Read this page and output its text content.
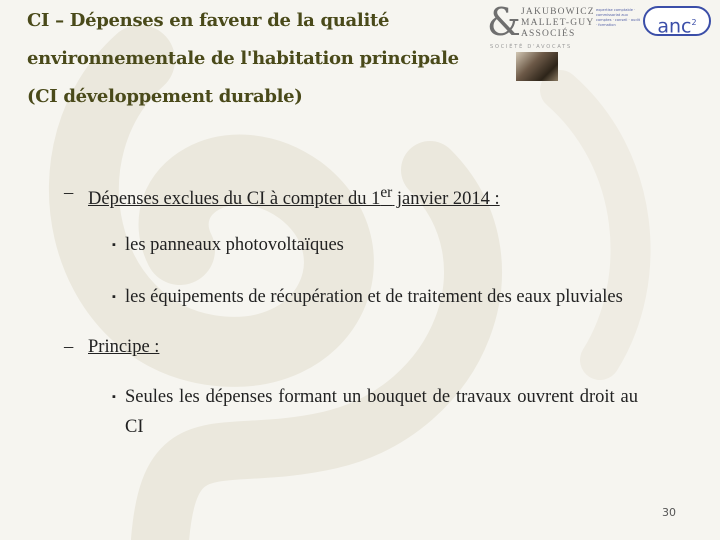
CI – Dépenses en faveur de la qualité environnementale de l'habitation principale (CI développement durable)
& JAKUBOWICZ
MALLET-GUY
ASSOCIÉS
SOCIÉTÉ D'AVOCATS
expertise comptable · commissariat aux comptes · conseil · audit · formation	anc$^2$

– Dépenses exclues du CI à compter du 1er janvier 2014 :

▪ les panneaux photovoltaïques
▪ les équipements de récupération et de traitement des eaux pluviales

– Principe :

▪ Seules les dépenses formant un bouquet de travaux ouvrent droit au CI
30
